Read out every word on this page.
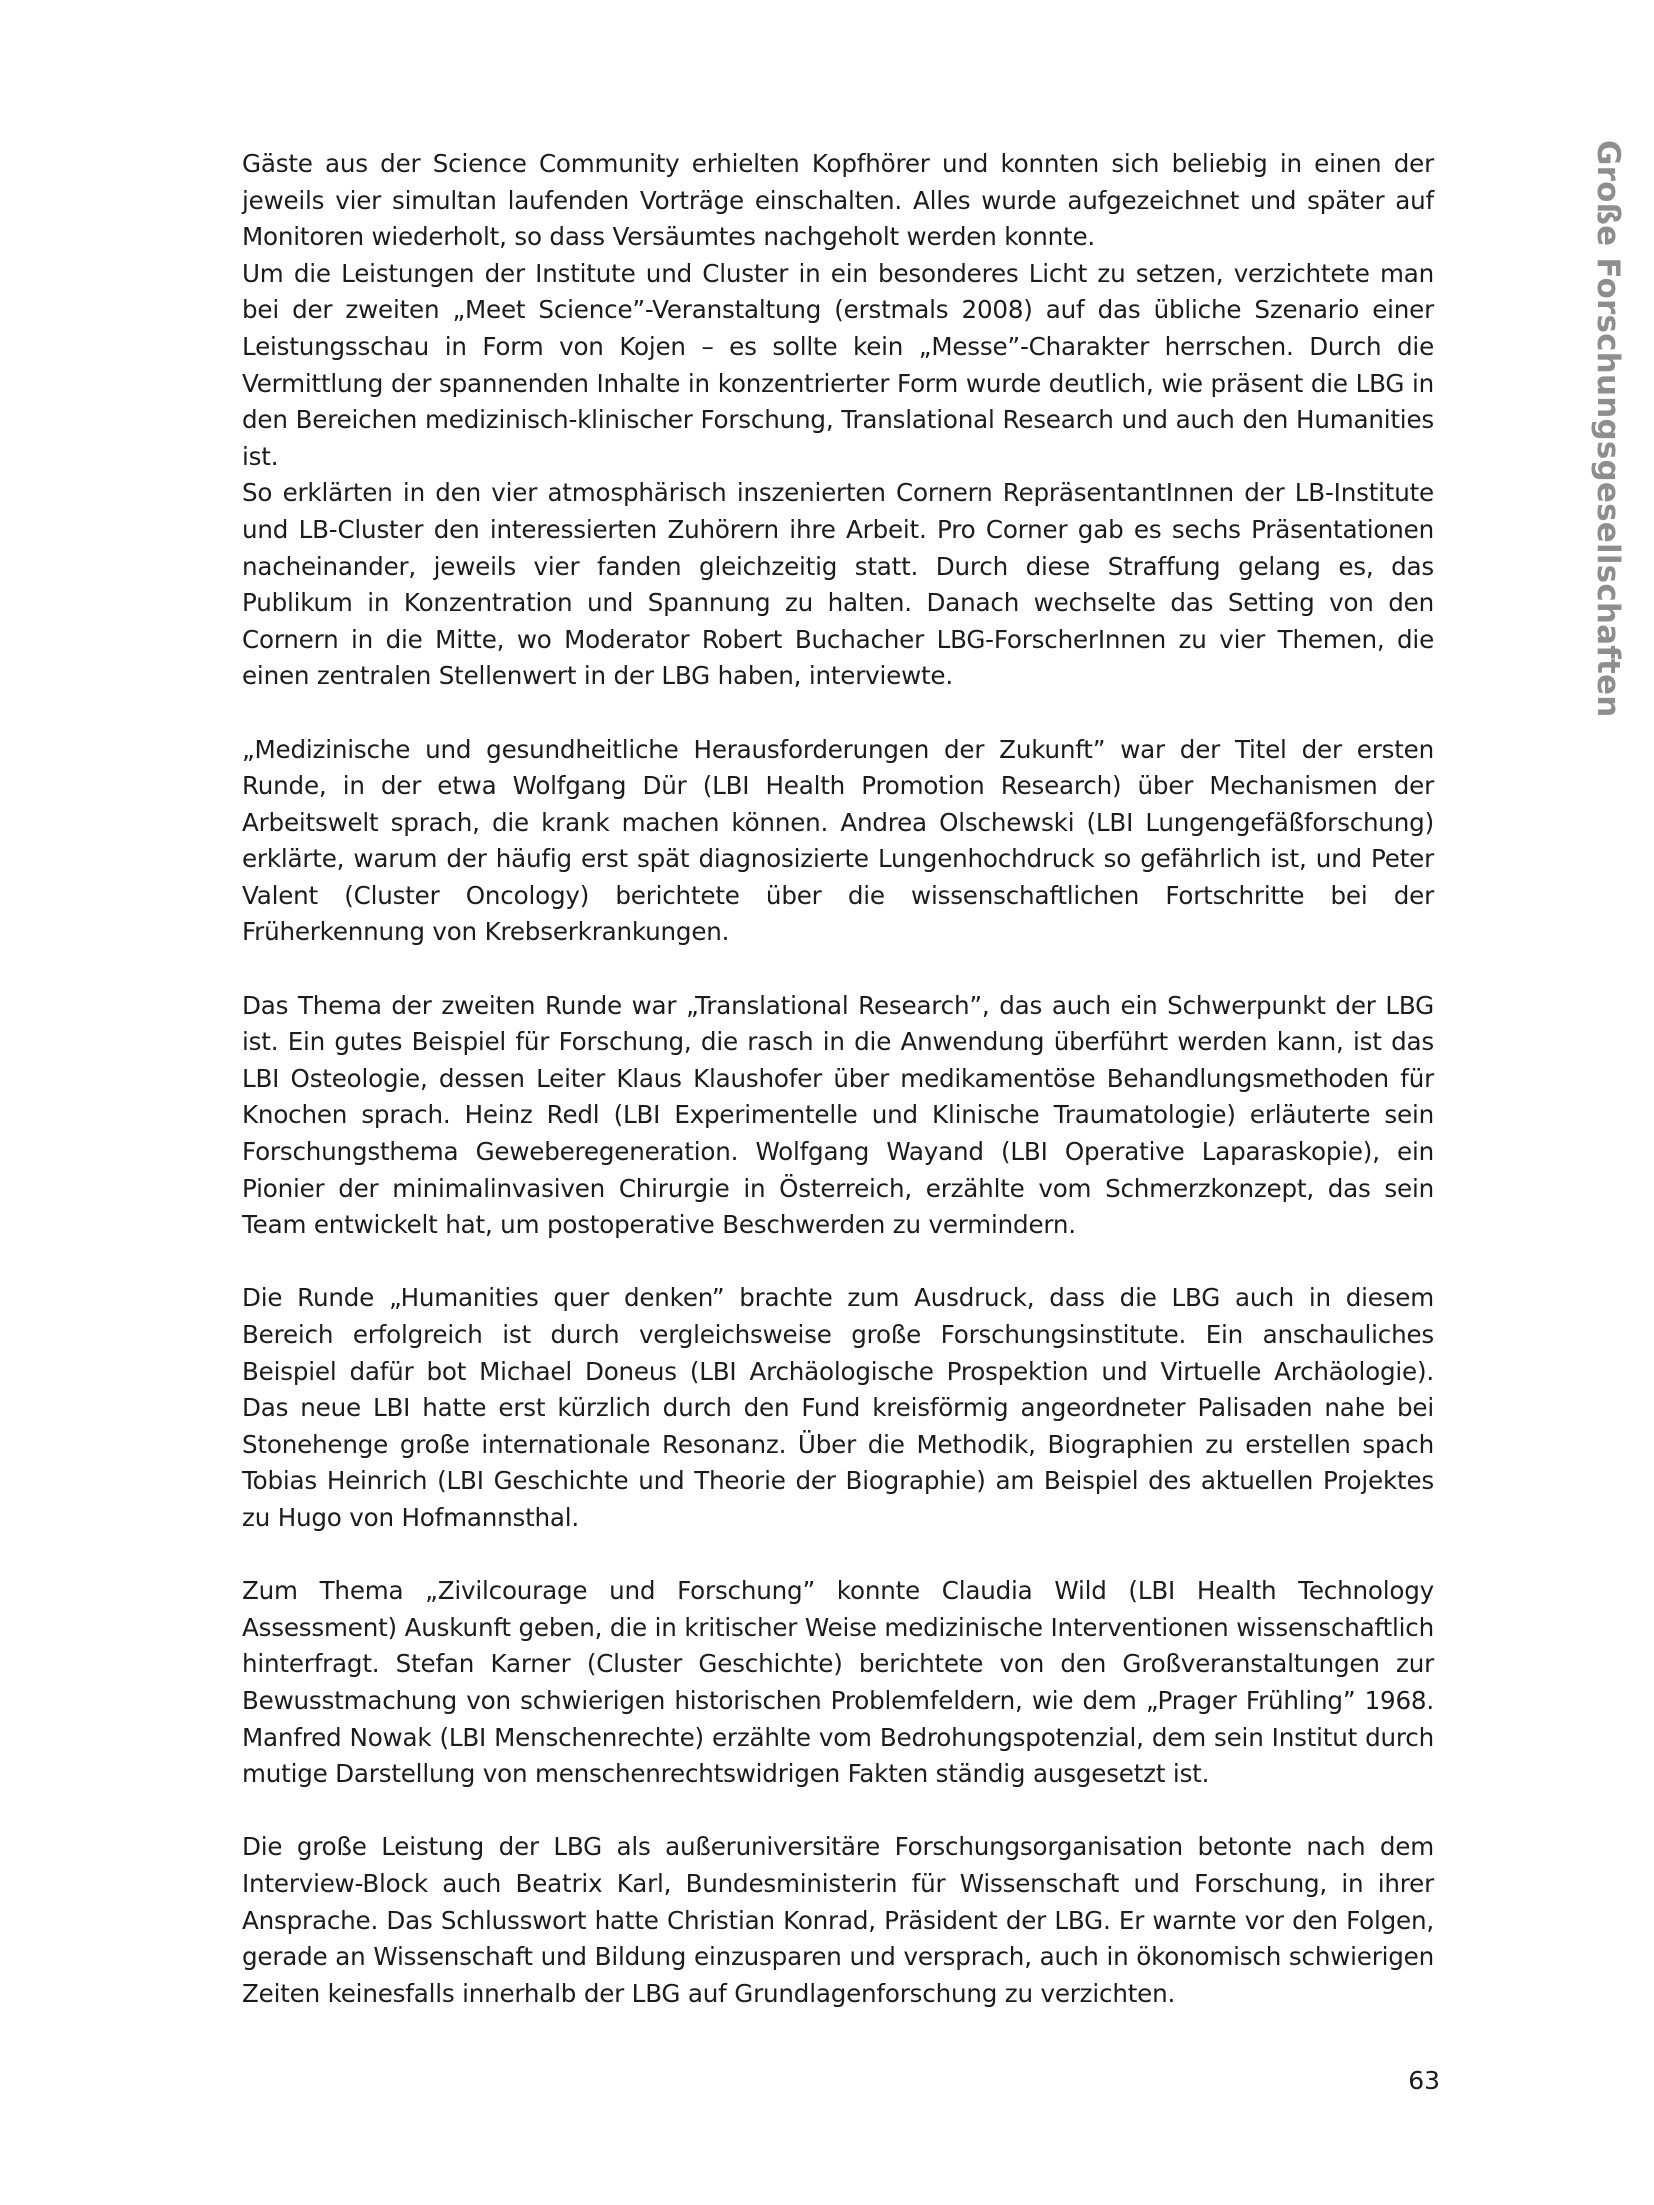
Große Forschungsgesellschaften

Gäste aus der Science Community erhielten Kopfhörer und konnten sich beliebig in einen der jeweils vier simultan laufenden Vorträge einschalten. Alles wurde aufgezeichnet und später auf Monitoren wiederholt, so dass Versäumtes nachgeholt werden konnte.

Um die Leistungen der Institute und Cluster in ein besonderes Licht zu setzen, verzichtete man bei der zweiten „Meet Science”-Veranstaltung (erstmals 2008) auf das übliche Szenario einer Leistungsschau in Form von Kojen – es sollte kein „Messe”-Charakter herrschen. Durch die Vermittlung der spannenden Inhalte in konzentrierter Form wurde deutlich, wie präsent die LBG in den Bereichen medizinisch-klinischer Forschung, Translational Research und auch den Humanities ist.

So erklärten in den vier atmosphärisch inszenierten Cornern RepräsentantInnen der LB-Institute und LB-Cluster den interessierten Zuhörern ihre Arbeit. Pro Corner gab es sechs Präsentationen nacheinander, jeweils vier fanden gleichzeitig statt. Durch diese Straffung gelang es, das Publikum in Konzentration und Spannung zu halten. Danach wechselte das Setting von den Cornern in die Mitte, wo Moderator Robert Buchacher LBG-ForscherInnen zu vier Themen, die einen zentralen Stellenwert in der LBG haben, interviewte.

„Medizinische und gesundheitliche Herausforderungen der Zukunft” war der Titel der ersten Runde, in der etwa Wolfgang Dür (LBI Health Promotion Research) über Mechanismen der Arbeitswelt sprach, die krank machen können. Andrea Olschewski (LBI Lungengefäßforschung) erklärte, warum der häufig erst spät diagnosizierte Lungenhochdruck so gefährlich ist, und Peter Valent (Cluster Oncology) berichtete über die wissenschaftlichen Fortschritte bei der Früherkennung von Krebserkrankungen.

Das Thema der zweiten Runde war „Translational Research”, das auch ein Schwerpunkt der LBG ist. Ein gutes Beispiel für Forschung, die rasch in die Anwendung überführt werden kann, ist das LBI Osteologie, dessen Leiter Klaus Klaushofer über medikamentöse Behandlungsmethoden für Knochen sprach. Heinz Redl (LBI Experimentelle und Klinische Traumatologie) erläuterte sein Forschungsthema Geweberegeneration. Wolfgang Wayand (LBI Operative Laparaskopie), ein Pionier der minimalinvasiven Chirurgie in Österreich, erzählte vom Schmerzkonzept, das sein Team entwickelt hat, um postoperative Beschwerden zu vermindern.

Die Runde „Humanities quer denken” brachte zum Ausdruck, dass die LBG auch in diesem Bereich erfolgreich ist durch vergleichsweise große Forschungsinstitute. Ein anschauliches Beispiel dafür bot Michael Doneus (LBI Archäologische Prospektion und Virtuelle Archäologie). Das neue LBI hatte erst kürzlich durch den Fund kreisförmig angeordneter Palisaden nahe bei Stonehenge große internationale Resonanz. Über die Methodik, Biographien zu erstellen spach Tobias Heinrich (LBI Geschichte und Theorie der Biographie) am Beispiel des aktuellen Projektes zu Hugo von Hofmannsthal.

Zum Thema „Zivilcourage und Forschung” konnte Claudia Wild (LBI Health Technology Assessment) Auskunft geben, die in kritischer Weise medizinische Interventionen wissenschaftlich hinterfragt. Stefan Karner (Cluster Geschichte) berichtete von den Großveranstaltungen zur Bewusstmachung von schwierigen historischen Problemfeldern, wie dem „Prager Frühling” 1968. Manfred Nowak (LBI Menschenrechte) erzählte vom Bedrohungspotenzial, dem sein Institut durch mutige Darstellung von menschenrechtswidrigen Fakten ständig ausgesetzt ist.

Die große Leistung der LBG als außeruniversitäre Forschungsorganisation betonte nach dem Interview-Block auch Beatrix Karl, Bundesministerin für Wissenschaft und Forschung, in ihrer Ansprache. Das Schlusswort hatte Christian Konrad, Präsident der LBG. Er warnte vor den Folgen, gerade an Wissenschaft und Bildung einzusparen und versprach, auch in ökonomisch schwierigen Zeiten keinesfalls innerhalb der LBG auf Grundlagenforschung zu verzichten.

63
